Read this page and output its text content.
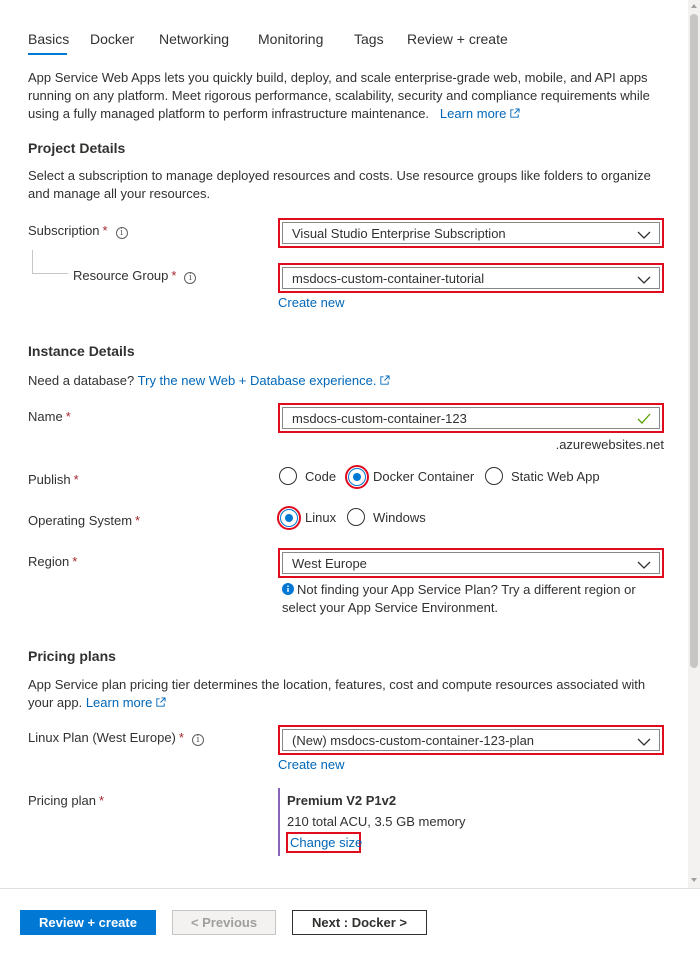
Basics Docker Networking Monitoring Tags Review + create
App Service Web Apps lets you quickly build, deploy, and scale enterprise-grade web, mobile, and API apps running on any platform. Meet rigorous performance, scalability, security and compliance requirements while using a fully managed platform to perform infrastructure maintenance. Learn more
Project Details
Select a subscription to manage deployed resources and costs. Use resource groups like folders to organize and manage all your resources.
Subscription * i	Visual Studio Enterprise Subscription
Resource Group * i	msdocs-custom-container-tutorial
Create new
Instance Details
Need a database? Try the new Web + Database experience.
Name *	msdocs-custom-container-123
.azurewebsites.net
Publish *	Code	Docker Container	Static Web App
Operating System *	Linux	Windows
Region *	West Europe
Not finding your App Service Plan? Try a different region or select your App Service Environment.
Pricing plans
App Service plan pricing tier determines the location, features, cost and compute resources associated with your app. Learn more
Linux Plan (West Europe) * i	(New) msdocs-custom-container-123-plan
Create new
Pricing plan *	Premium V2 P1v2
210 total ACU, 3.5 GB memory
Change size
Review + create	< Previous	Next : Docker >
